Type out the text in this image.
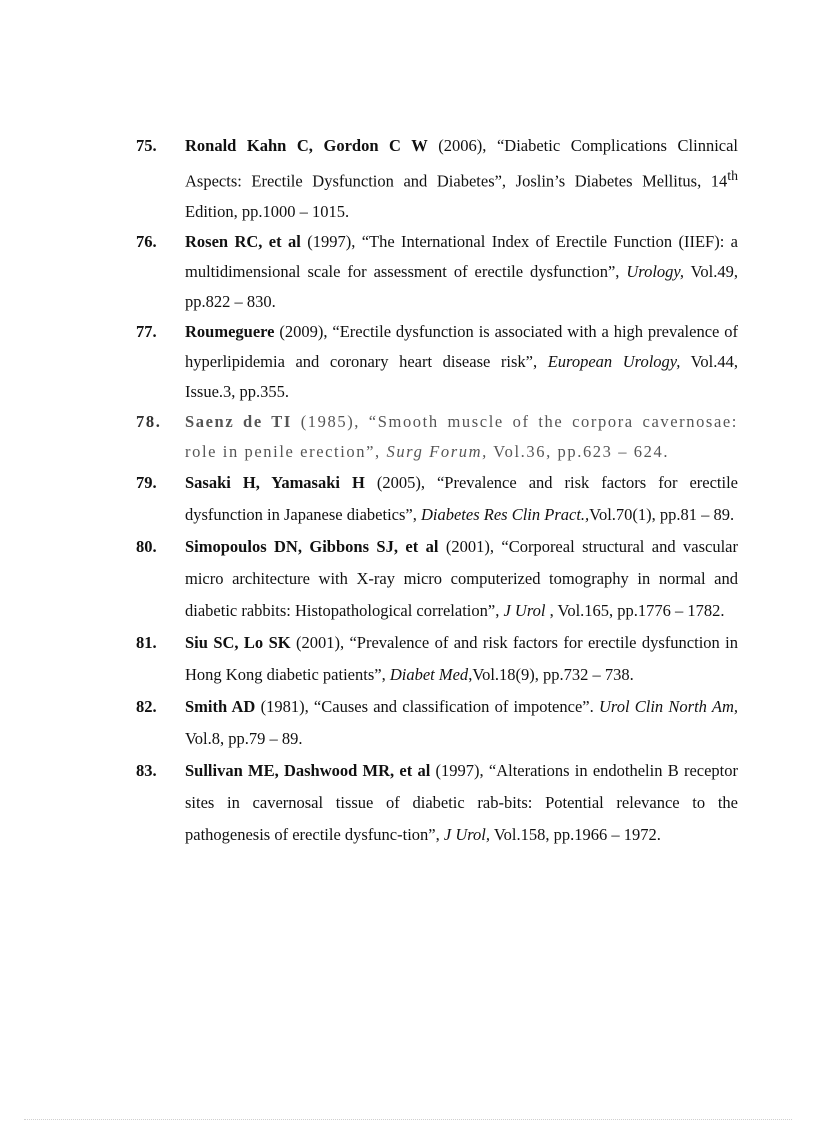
75. Ronald Kahn C, Gordon C W (2006), “Diabetic Complications Clinnical Aspects: Erectile Dysfunction and Diabetes”, Joslin’s Diabetes Mellitus, 14th Edition, pp.1000 – 1015.
76. Rosen RC, et al (1997), “The International Index of Erectile Function (IIEF): a multidimensional scale for assessment of erectile dysfunction”, Urology, Vol.49, pp.822 – 830.
77. Roumeguere (2009), “Erectile dysfunction is associated with a high prevalence of hyperlipidemia and coronary heart disease risk”, European Urology, Vol.44, Issue.3, pp.355.
78. Saenz de TI (1985), “Smooth muscle of the corpora cavernosae: role in penile erection”, Surg Forum, Vol.36, pp.623 – 624.
79. Sasaki H, Yamasaki H (2005), “Prevalence and risk factors for erectile dysfunction in Japanese diabetics”, Diabetes Res Clin Pract.,Vol.70(1), pp.81 – 89.
80. Simopoulos DN, Gibbons SJ, et al (2001), “Corporeal structural and vascular micro architecture with X-ray micro computerized tomography in normal and diabetic rabbits: Histopathological correlation”, J Urol , Vol.165, pp.1776 – 1782.
81. Siu SC, Lo SK (2001), “Prevalence of and risk factors for erectile dysfunction in Hong Kong diabetic patients”, Diabet Med,Vol.18(9), pp.732 – 738.
82. Smith AD (1981), “Causes and classification of impotence”. Urol Clin North Am, Vol.8, pp.79 – 89.
83. Sullivan ME, Dashwood MR, et al (1997), “Alterations in endothelin B receptor sites in cavernosal tissue of diabetic rab-bits: Potential relevance to the pathogenesis of erectile dysfunc-tion”, J Urol, Vol.158, pp.1966 – 1972.
